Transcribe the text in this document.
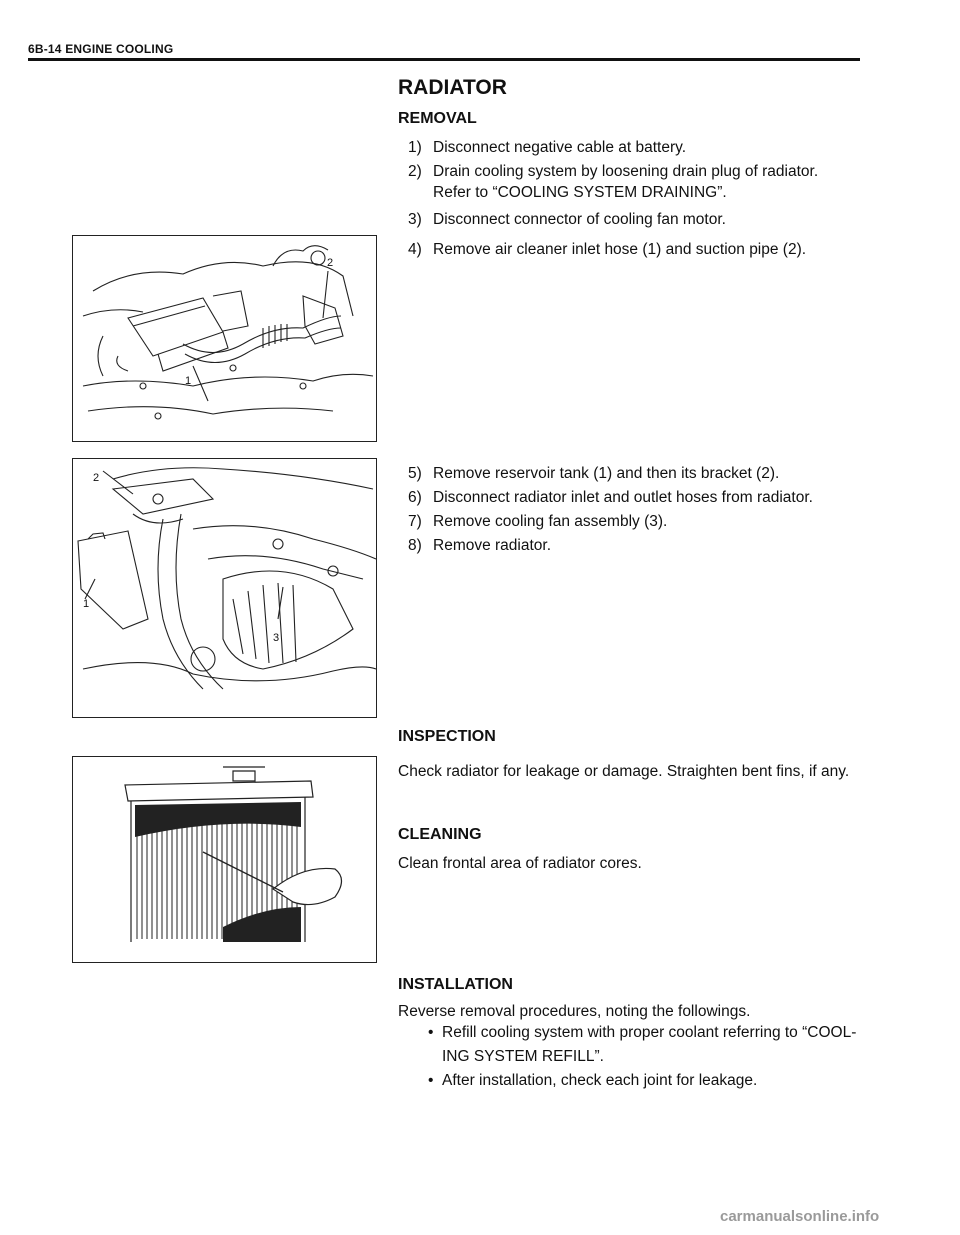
6B-14 ENGINE COOLING
RADIATOR
REMOVAL
1) Disconnect negative cable at battery.
2) Drain cooling system by loosening drain plug of radiator.
Refer to “COOLING SYSTEM DRAINING”.
3) Disconnect connector of cooling fan motor.
1
2
4) Remove air cleaner inlet hose (1) and suction pipe (2).
2
1
3
5) Remove reservoir tank (1) and then its bracket (2).
6) Disconnect radiator inlet and outlet hoses from radiator.
7) Remove cooling fan assembly (3).
8) Remove radiator.
INSPECTION
Check radiator for leakage or damage. Straighten bent fins, if any.
CLEANING
Clean frontal area of radiator cores.
INSTALLATION
Reverse removal procedures, noting the followings.
• Refill cooling system with proper coolant referring to “COOL-
ING SYSTEM REFILL”.
• After installation, check each joint for leakage.
carmanualsonline.info
